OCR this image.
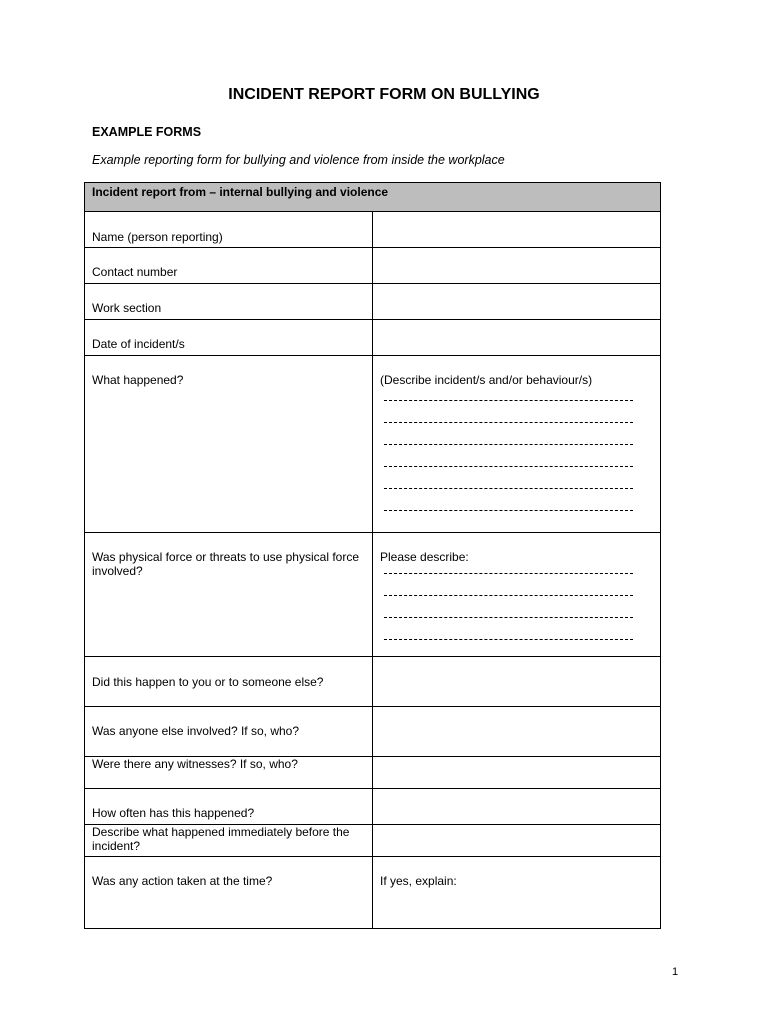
INCIDENT REPORT FORM ON BULLYING
EXAMPLE FORMS
Example reporting form for bullying and violence from inside the workplace
Incident report from – internal bullying and violence	
Name (person reporting)	
Contact number	
Work section	
Date of incident/s	
What happened?	(Describe incident/s and/or behaviour/s)

Was physical force or threats to use physical force involved?	Please describe:

Did this happen to you or to someone else?	
Was anyone else involved? If so, who?	
Were there any witnesses? If so, who?	
How often has this happened?	
Describe what happened immediately before the incident?	
Was any action taken at the time?	If yes, explain:
1
